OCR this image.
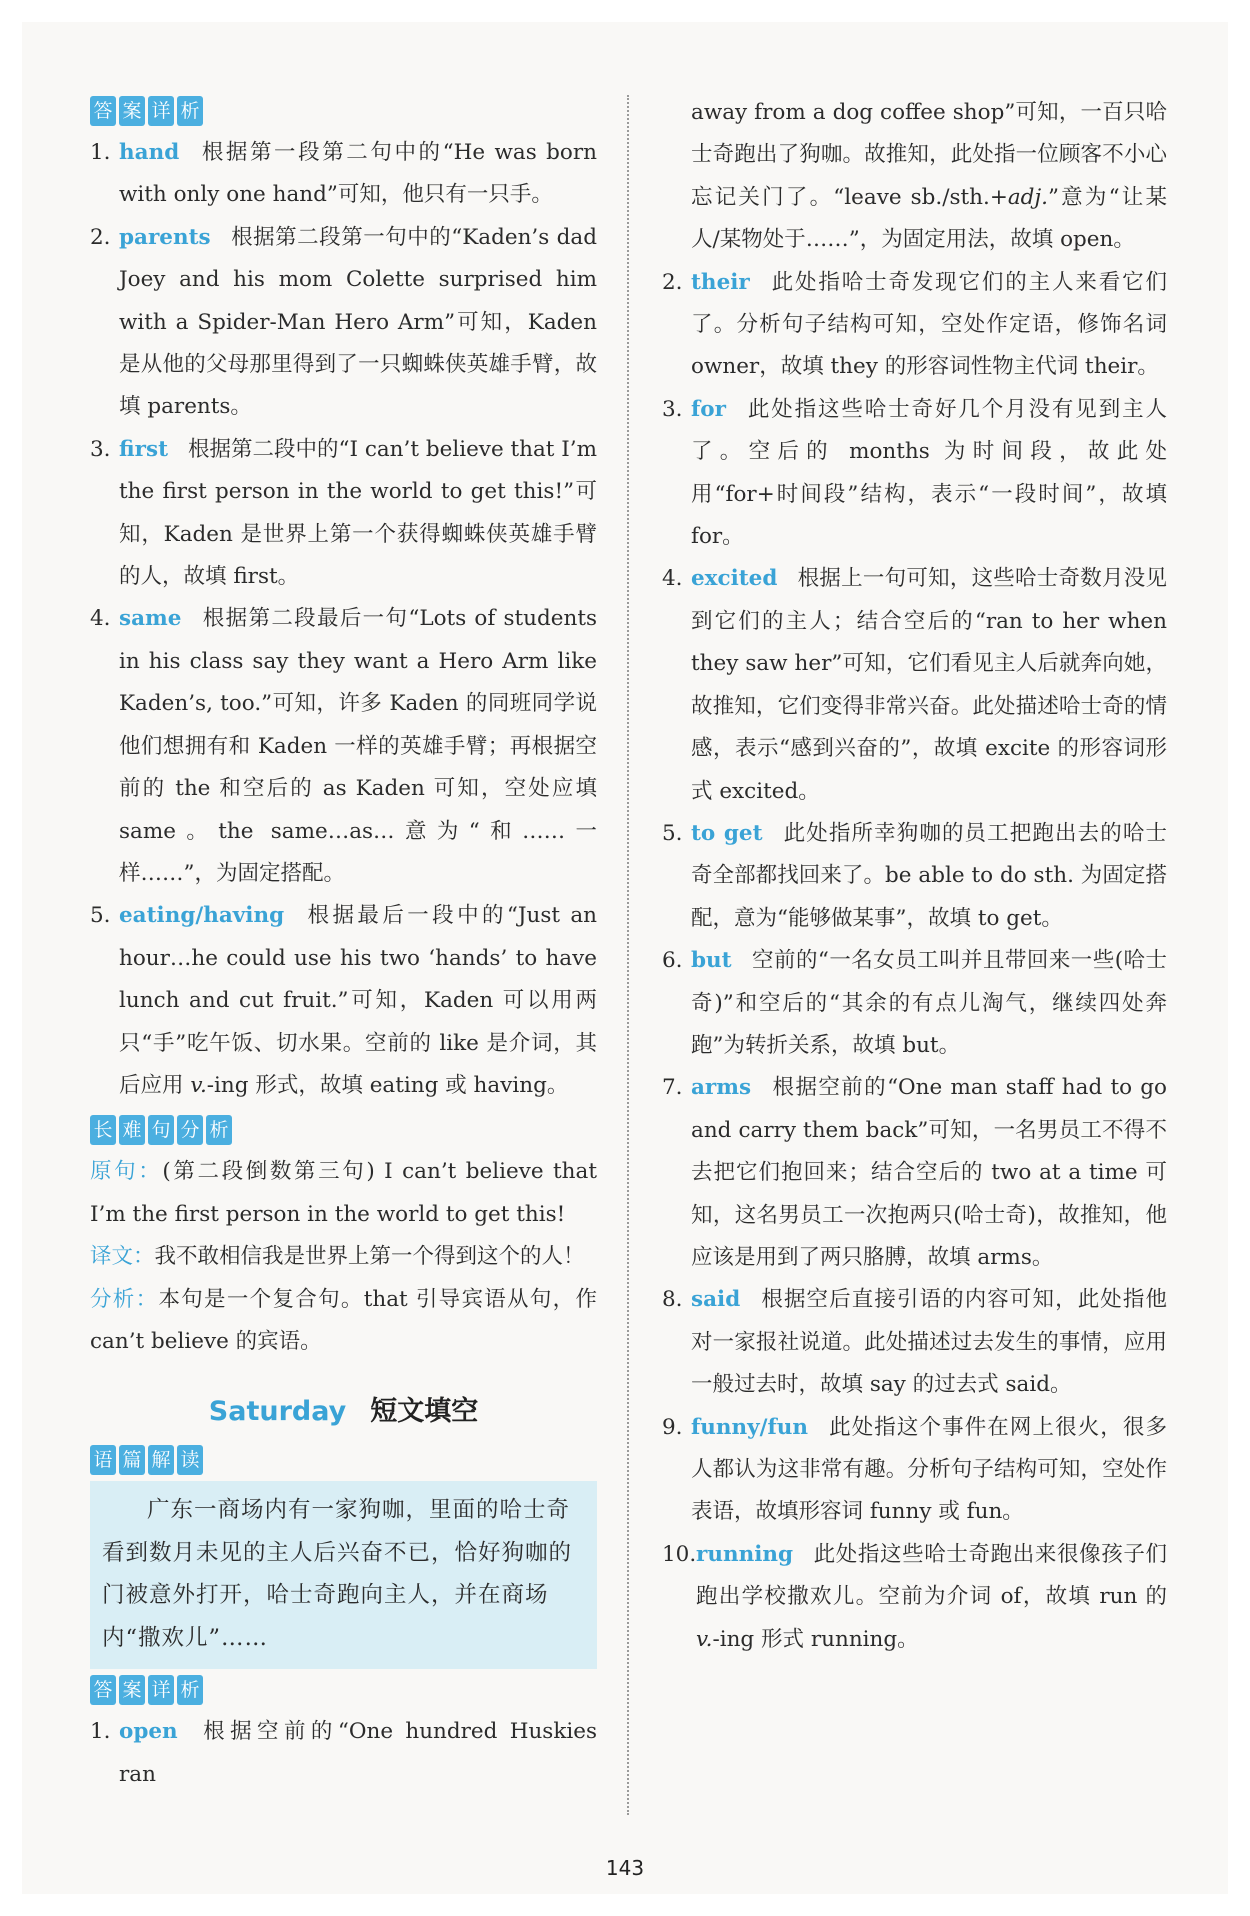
答 案 详 析
1. hand 根据第一段第二句中的“He was born with only one hand”可知，他只有一只手。
2. parents 根据第二段第一句中的“Kaden’s dad Joey and his mom Colette surprised him with a Spider-Man Hero Arm”可知，Kaden 是从他的父母那里得到了一只蜘蛛侠英雄手臂，故填 parents。
3. first 根据第二段中的“I can’t believe that I’m the first person in the world to get this!”可知，Kaden 是世界上第一个获得蜘蛛侠英雄手臂的人，故填 first。
4. same 根据第二段最后一句“Lots of students in his class say they want a Hero Arm like Kaden’s, too.”可知，许多 Kaden 的同班同学说他们想拥有和 Kaden 一样的英雄手臂；再根据空前的 the 和空后的 as Kaden 可知，空处应填 same。the same…as…意为“和……一样……”，为固定搭配。
5. eating/having 根据最后一段中的“Just an hour…he could use his two ‘hands’ to have lunch and cut fruit.”可知，Kaden 可以用两只“手”吃午饭、切水果。空前的 like 是介词，其后应用 v.-ing 形式，故填 eating 或 having。
长 难 句 分 析
原句：(第二段倒数第三句) I can’t believe that I’m the first person in the world to get this!
译文：我不敢相信我是世界上第一个得到这个的人！
分析：本句是一个复合句。that 引导宾语从句，作 can’t believe 的宾语。
Saturday 短文填空
语 篇 解 读
广东一商场内有一家狗咖，里面的哈士奇看到数月未见的主人后兴奋不已，恰好狗咖的门被意外打开，哈士奇跑向主人，并在商场内“撒欢儿”……
答 案 详 析
1. open 根据空前的“One hundred Huskies ran
away from a dog coffee shop”可知，一百只哈士奇跑出了狗咖。故推知，此处指一位顾客不小心忘记关门了。“leave sb./sth.+adj.”意为“让某人/某物处于……”，为固定用法，故填 open。
2. their 此处指哈士奇发现它们的主人来看它们了。分析句子结构可知，空处作定语，修饰名词 owner，故填 they 的形容词性物主代词 their。
3. for 此处指这些哈士奇好几个月没有见到主人了。空后的 months 为时间段，故此处用“for+时间段”结构，表示“一段时间”，故填 for。
4. excited 根据上一句可知，这些哈士奇数月没见到它们的主人；结合空后的“ran to her when they saw her”可知，它们看见主人后就奔向她，故推知，它们变得非常兴奋。此处描述哈士奇的情感，表示“感到兴奋的”，故填 excite 的形容词形式 excited。
5. to get 此处指所幸狗咖的员工把跑出去的哈士奇全部都找回来了。be able to do sth. 为固定搭配，意为“能够做某事”，故填 to get。
6. but 空前的“一名女员工叫并且带回来一些(哈士奇)”和空后的“其余的有点儿淘气，继续四处奔跑”为转折关系，故填 but。
7. arms 根据空前的“One man staff had to go and carry them back”可知，一名男员工不得不去把它们抱回来；结合空后的 two at a time 可知，这名男员工一次抱两只(哈士奇)，故推知，他应该是用到了两只胳膊，故填 arms。
8. said 根据空后直接引语的内容可知，此处指他对一家报社说道。此处描述过去发生的事情，应用一般过去时，故填 say 的过去式 said。
9. funny/fun 此处指这个事件在网上很火，很多人都认为这非常有趣。分析句子结构可知，空处作表语，故填形容词 funny 或 fun。
10. running 此处指这些哈士奇跑出来很像孩子们跑出学校撒欢儿。空前为介词 of，故填 run 的 v.-ing 形式 running。
143
